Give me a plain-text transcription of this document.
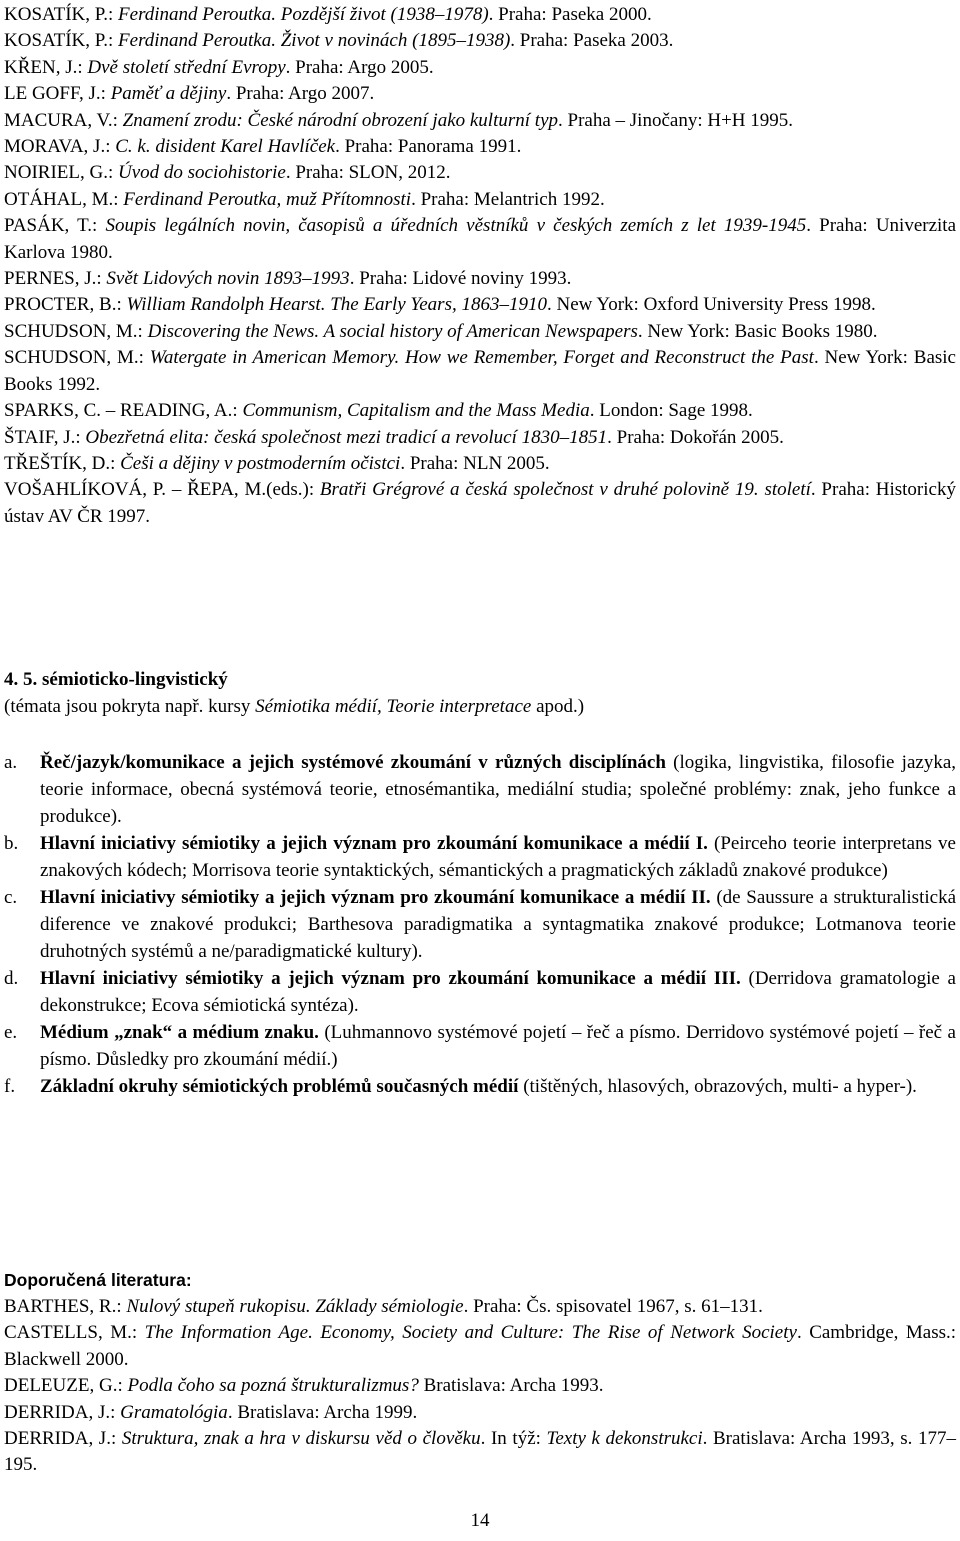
KOSATÍK, P.: Ferdinand Peroutka. Pozdější život (1938–1978). Praha: Paseka 2000.

KOSATÍK, P.: Ferdinand Peroutka. Život v novinách (1895–1938). Praha: Paseka 2003.

KŘEN, J.: Dvě století střední Evropy. Praha: Argo 2005.

LE GOFF, J.: Paměť a dějiny. Praha: Argo 2007.

MACURA, V.: Znamení zrodu: České národní obrození jako kulturní typ. Praha – Jinočany: H+H 1995.

MORAVA, J.: C. k. disident Karel Havlíček. Praha: Panorama 1991.

NOIRIEL, G.: Úvod do sociohistorie. Praha: SLON, 2012.

OTÁHAL, M.: Ferdinand Peroutka, muž Přítomnosti. Praha: Melantrich 1992.

PASÁK, T.: Soupis legálních novin, časopisů a úředních věstníků v českých zemích z let 1939-1945. Praha: Univerzita Karlova 1980.

PERNES, J.: Svět Lidových novin 1893–1993. Praha: Lidové noviny 1993.

PROCTER, B.: William Randolph Hearst. The Early Years, 1863–1910. New York: Oxford University Press 1998.

SCHUDSON, M.: Discovering the News. A social history of American Newspapers. New York: Basic Books 1980.

SCHUDSON, M.: Watergate in American Memory. How we Remember, Forget and Reconstruct the Past. New York: Basic Books 1992.

SPARKS, C. – READING, A.: Communism, Capitalism and the Mass Media. London: Sage 1998.

ŠTAIF, J.: Obezřetná elita: česká společnost mezi tradicí a revolucí 1830–1851. Praha: Dokořán 2005.

TŘEŠTÍK, D.: Češi a dějiny v postmoderním očistci. Praha: NLN 2005.

VOŠAHLÍKOVÁ, P. – ŘEPA, M.(eds.): Bratři Grégrové a česká společnost v druhé polovině 19. století. Praha: Historický ústav AV ČR 1997.

4. 5. sémioticko-lingvistický
(témata jsou pokryta např. kursy Sémiotika médií, Teorie interpretace apod.)
a.	Řeč/jazyk/komunikace a jejich systémové zkoumání v různých disciplínách (logika, lingvistika, filosofie jazyka, teorie informace, obecná systémová teorie, etnosémantika, mediální studia; společné problémy: znak, jeho funkce a produkce).
b.	Hlavní iniciativy sémiotiky a jejich význam pro zkoumání komunikace a médií I. (Peirceho teorie interpretans ve znakových kódech; Morrisova teorie syntaktických, sémantických a pragmatických základů znakové produkce)
c.	Hlavní iniciativy sémiotiky a jejich význam pro zkoumání komunikace a médií II. (de Saussure a strukturalistická diference ve znakové produkci; Barthesova paradigmatika a syntagmatika znakové produkce; Lotmanova teorie druhotných systémů a ne/paradigmatické kultury).
d.	Hlavní iniciativy sémiotiky a jejich význam pro zkoumání komunikace a médií III. (Derridova gramatologie a dekonstrukce; Ecova sémiotická syntéza).
e.	Médium „znak“ a médium znaku. (Luhmannovo systémové pojetí – řeč a písmo. Derridovo systémové pojetí – řeč a písmo. Důsledky pro zkoumání médií.)
f.	Základní okruhy sémiotických problémů současných médií (tištěných, hlasových, obrazových, multi- a hyper-).
Doporučená literatura:

BARTHES, R.: Nulový stupeň rukopisu. Základy sémiologie. Praha: Čs. spisovatel 1967, s. 61–131.

CASTELLS, M.: The Information Age. Economy, Society and Culture: The Rise of Network Society. Cambridge, Mass.: Blackwell 2000.

DELEUZE, G.: Podla čoho sa pozná štrukturalizmus? Bratislava: Archa 1993.

DERRIDA, J.: Gramatológia. Bratislava: Archa 1999.

DERRIDA, J.: Struktura, znak a hra v diskursu věd o člověku. In týž: Texty k dekonstrukci. Bratislava: Archa 1993, s. 177–195.

14
